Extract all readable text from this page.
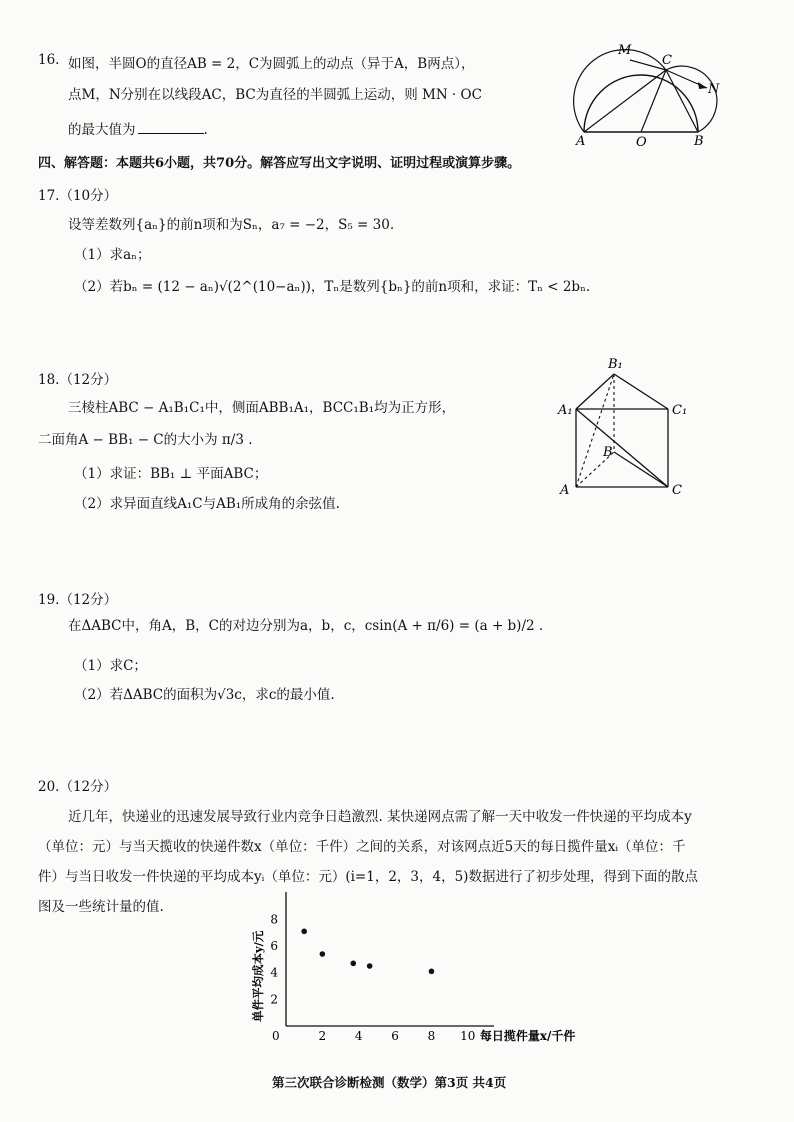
16. 如图，半圆O的直径AB = 2，C为圆弧上的动点（异于A，B两点），
点M，N分别在以线段AC，BC为直径的半圆弧上运动，则 MN · OC
的最大值为	.
M
C
N
A	O	B
四、解答题：本题共6小题，共70分。解答应写出文字说明、证明过程或演算步骤。
17.（10分）
设等差数列{aₙ}的前n项和为Sₙ，a₇ = −2，S₅ = 30.
（1）求aₙ；
（2）若bₙ = (12 − aₙ)√(2^(10−aₙ))，Tₙ是数列{bₙ}的前n项和，求证：Tₙ < 2bₙ.
18.（12分）
三棱柱ABC − A₁B₁C₁中，侧面ABB₁A₁，BCC₁B₁均为正方形，
二面角A − BB₁ − C的大小为 π/3 .
（1）求证：BB₁ ⊥ 平面ABC；
（2）求异面直线A₁C与AB₁所成角的余弦值.
B₁
A₁	C₁
B
A	C
19.（12分）
在ΔABC中，角A，B，C的对边分别为a，b，c，csin(A + π/6) = (a + b)/2 .
（1）求C；
（2）若ΔABC的面积为√3c，求c的最小值.
20.（12分）
近几年，快递业的迅速发展导致行业内竞争日趋激烈. 某快递网点需了解一天中收发一件快递的平均成本y
（单位：元）与当天揽收的快递件数x（单位：千件）之间的关系，对该网点近5天的每日揽件量xᵢ（单位：千
件）与当日收发一件快递的平均成本yᵢ（单位：元）(i=1，2，3，4，5)数据进行了初步处理，得到下面的散点
图及一些统计量的值.
0	2 4 6 8 10
2
4
6
8
每日揽件量x/千件
单件平均成本y/元
第三次联合诊断检测（数学）第3页 共4页
